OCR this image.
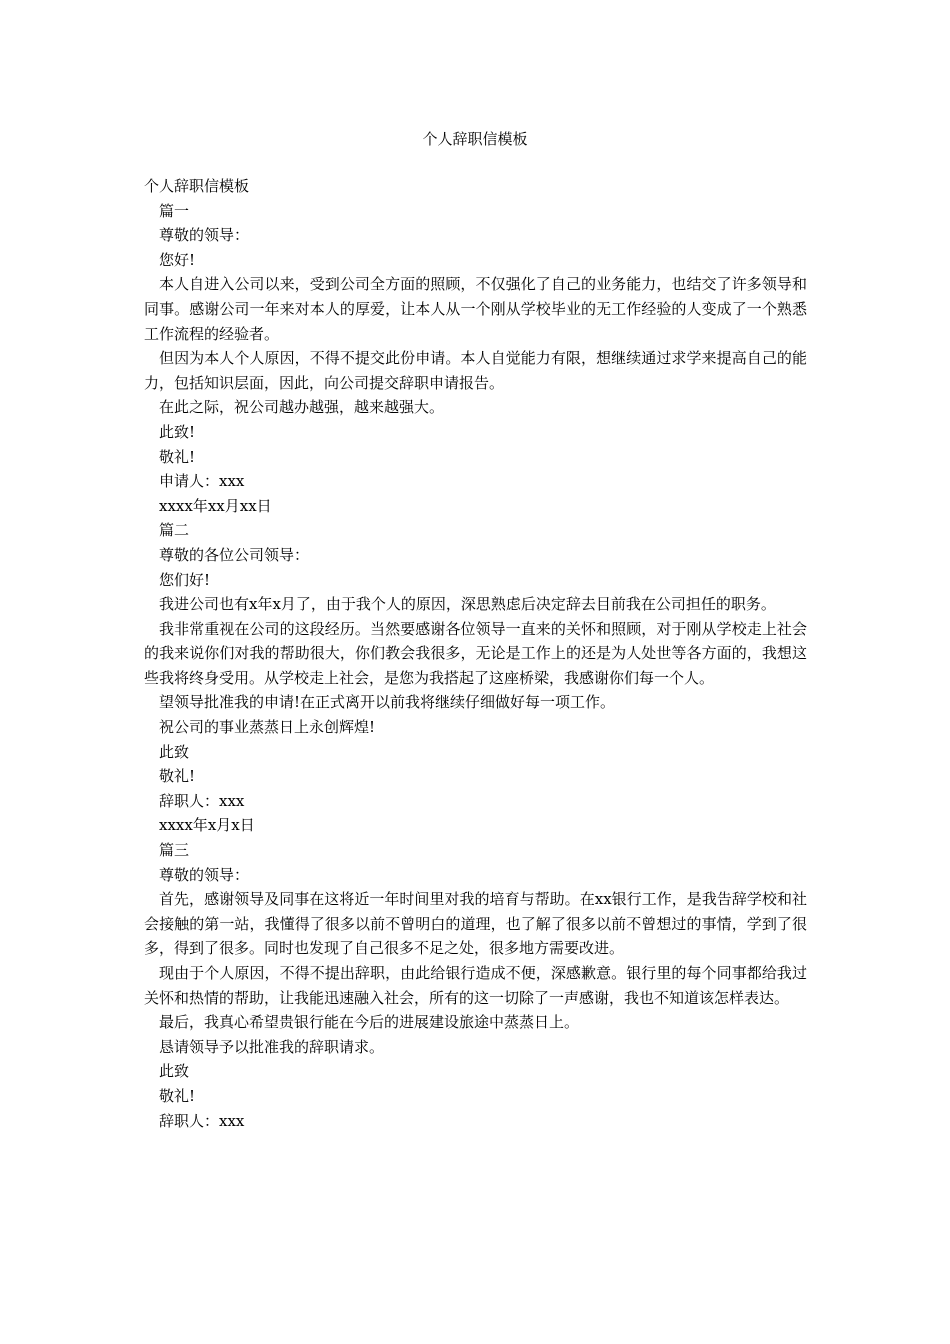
个人辞职信模板

个人辞职信模板

篇一

尊敬的领导：

您好!

本人自进入公司以来，受到公司全方面的照顾，不仅强化了自己的业务能力，也结交了许多领导和同事。感谢公司一年来对本人的厚爱，让本人从一个刚从学校毕业的无工作经验的人变成了一个熟悉工作流程的经验者。

但因为本人个人原因，不得不提交此份申请。本人自觉能力有限，想继续通过求学来提高自己的能力，包括知识层面，因此，向公司提交辞职申请报告。

在此之际，祝公司越办越强，越来越强大。

此致!

敬礼!

申请人：xxx

xxxx年xx月xx日

篇二

尊敬的各位公司领导：

您们好!

我进公司也有x年x月了，由于我个人的原因，深思熟虑后决定辞去目前我在公司担任的职务。

我非常重视在公司的这段经历。当然要感谢各位领导一直来的关怀和照顾，对于刚从学校走上社会的我来说你们对我的帮助很大，你们教会我很多，无论是工作上的还是为人处世等各方面的，我想这些我将终身受用。从学校走上社会，是您为我搭起了这座桥梁，我感谢你们每一个人。

望领导批准我的申请!在正式离开以前我将继续仔细做好每一项工作。

祝公司的事业蒸蒸日上永创辉煌!

此致

敬礼!

辞职人：xxx

xxxx年x月x日

篇三

尊敬的领导：

首先，感谢领导及同事在这将近一年时间里对我的培育与帮助。在xx银行工作，是我告辞学校和社会接触的第一站，我懂得了很多以前不曾明白的道理，也了解了很多以前不曾想过的事情，学到了很多，得到了很多。同时也发现了自己很多不足之处，很多地方需要改进。

现由于个人原因，不得不提出辞职，由此给银行造成不便，深感歉意。银行里的每个同事都给我过关怀和热情的帮助，让我能迅速融入社会，所有的这一切除了一声感谢，我也不知道该怎样表达。

最后，我真心希望贵银行能在今后的进展建设旅途中蒸蒸日上。

恳请领导予以批准我的辞职请求。

此致

敬礼!

辞职人：xxx
